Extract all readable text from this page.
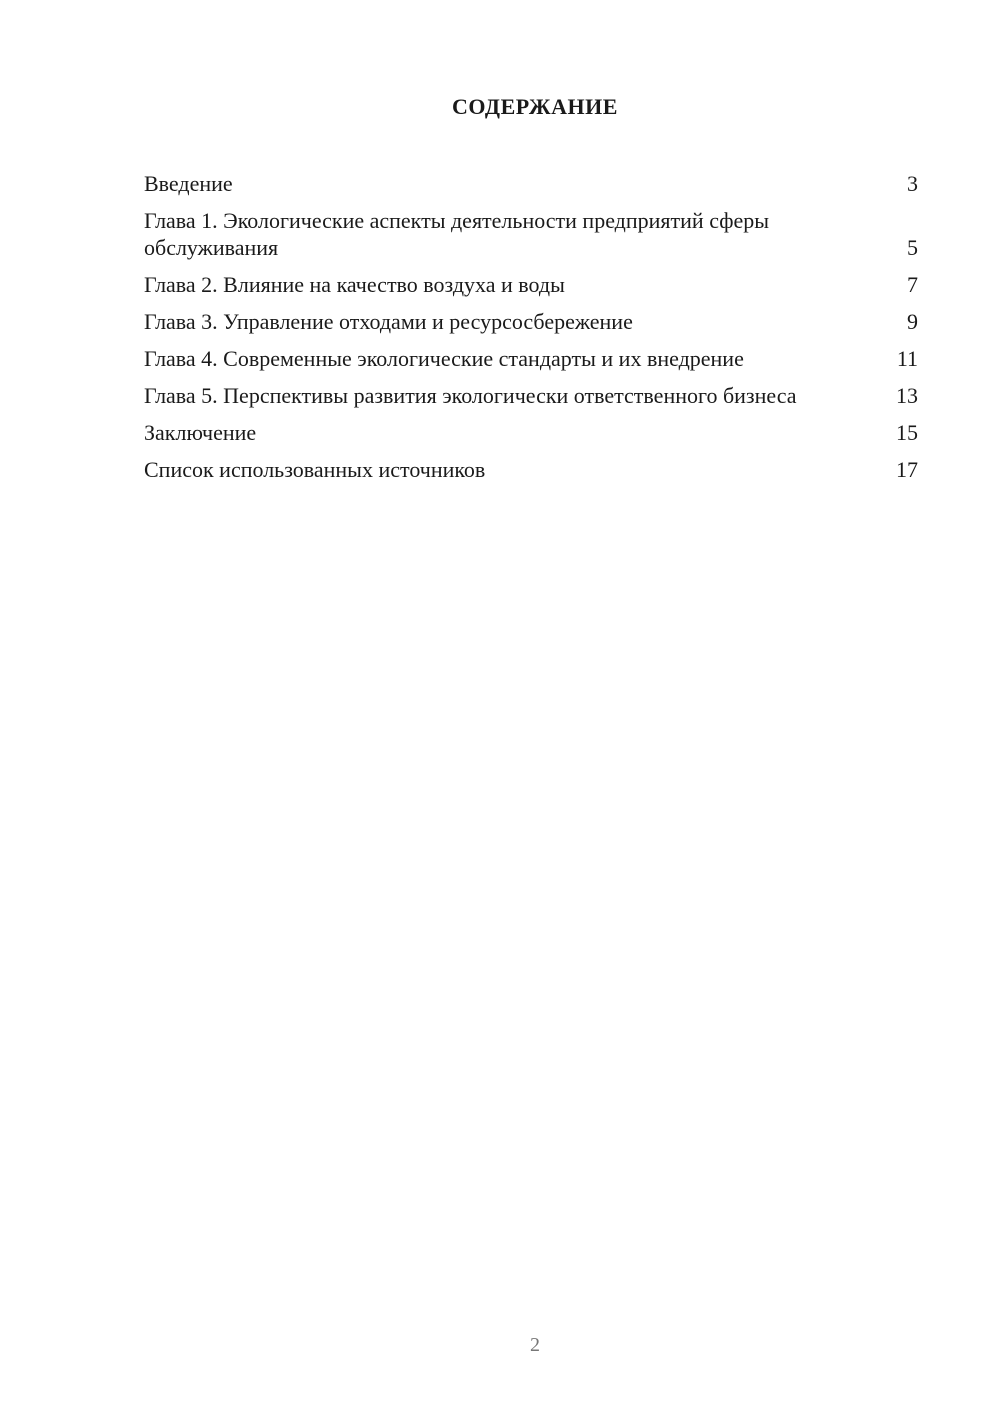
СОДЕРЖАНИЕ
Введение	3
Глава 1. Экологические аспекты деятельности предприятий сферы обслуживания	5
Глава 2. Влияние на качество воздуха и воды	7
Глава 3. Управление отходами и ресурсосбережение	9
Глава 4. Современные экологические стандарты и их внедрение	11
Глава 5. Перспективы развития экологически ответственного бизнеса	13
Заключение	15
Список использованных источников	17
2
